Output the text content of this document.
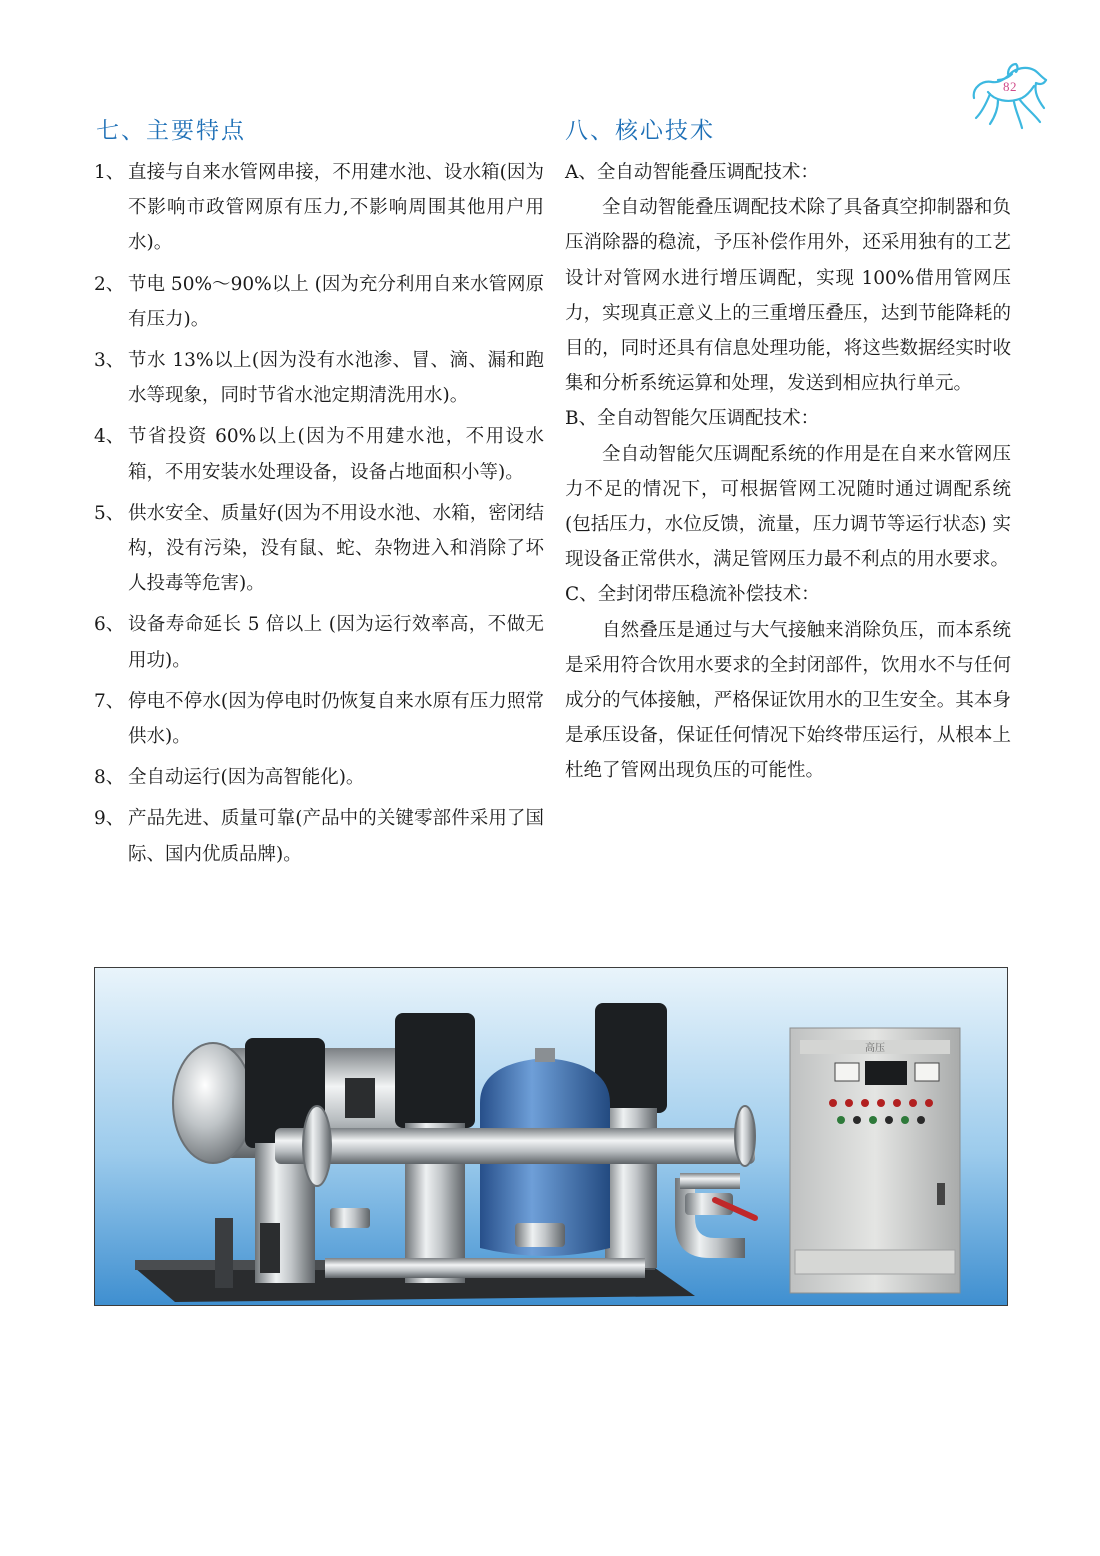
82
七、主要特点	八、核心技术
1、 直接与自来水管网串接，不用建水池、设水箱(因为不影响市政管网原有压力,不影响周围其他用户用水)。
2、 节电 50%～90%以上 (因为充分利用自来水管网原有压力)。
3、 节水 13%以上(因为没有水池渗、冒、滴、漏和跑水等现象，同时节省水池定期清洗用水)。
4、 节省投资 60%以上(因为不用建水池，不用设水箱，不用安装水处理设备，设备占地面积小等)。
5、 供水安全、质量好(因为不用设水池、水箱，密闭结构，没有污染，没有鼠、蛇、杂物进入和消除了坏人投毒等危害)。
6、 设备寿命延长 5 倍以上 (因为运行效率高，不做无用功)。
7、 停电不停水(因为停电时仍恢复自来水原有压力照常供水)。
8、 全自动运行(因为高智能化)。
9、 产品先进、质量可靠(产品中的关键零部件采用了国际、国内优质品牌)。

A、全自动智能叠压调配技术：

全自动智能叠压调配技术除了具备真空抑制器和负压消除器的稳流，予压补偿作用外，还采用独有的工艺设计对管网水进行增压调配，实现 100%借用管网压力，实现真正意义上的三重增压叠压，达到节能降耗的目的，同时还具有信息处理功能，将这些数据经实时收集和分析系统运算和处理，发送到相应执行单元。

B、全自动智能欠压调配技术：

全自动智能欠压调配系统的作用是在自来水管网压力不足的情况下，可根据管网工况随时通过调配系统(包括压力，水位反馈，流量，压力调节等运行状态) 实现设备正常供水，满足管网压力最不利点的用水要求。

C、全封闭带压稳流补偿技术：

自然叠压是通过与大气接触来消除负压，而本系统是采用符合饮用水要求的全封闭部件，饮用水不与任何成分的气体接触，严格保证饮用水的卫生安全。其本身是承压设备，保证任何情况下始终带压运行，从根本上杜绝了管网出现负压的可能性。

高压
